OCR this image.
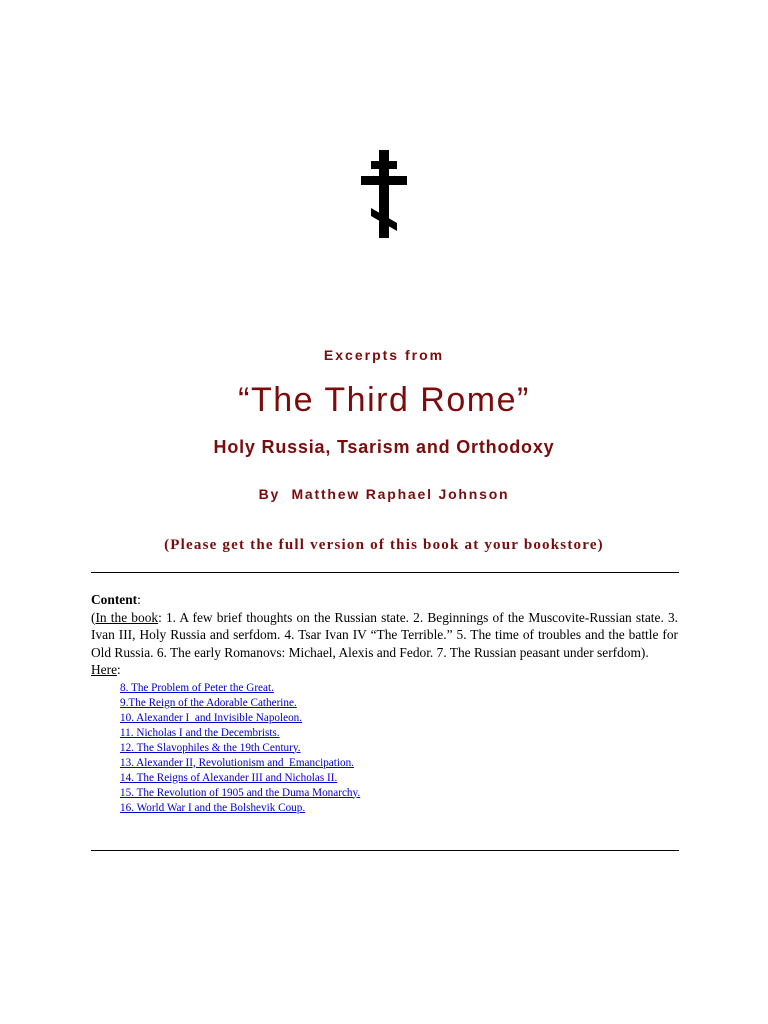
Excerpts from
“The Third Rome”
Holy Russia, Tsarism and Orthodoxy
By  Matthew Raphael Johnson

(Please get the full version of this book at your bookstore)

Content:

(In the book: 1. A few brief thoughts on the Russian state. 2. Beginnings of the Muscovite-Russian state. 3. Ivan III, Holy Russia and serfdom. 4. Tsar Ivan IV “The Terrible.” 5. The time of troubles and the battle for Old Russia. 6. The early Romanovs: Michael, Alexis and Fedor. 7. The Russian peasant under serfdom).

Here:

8. The Problem of Peter the Great.
9.The Reign of the Adorable Catherine.
10. Alexander I  and Invisible Napoleon.
11. Nicholas I and the Decembrists.
12. The Slavophiles & the 19th Century.
13. Alexander II, Revolutionism and  Emancipation.
14. The Reigns of Alexander III and Nicholas II.
15. The Revolution of 1905 and the Duma Monarchy.
16. World War I and the Bolshevik Coup.
